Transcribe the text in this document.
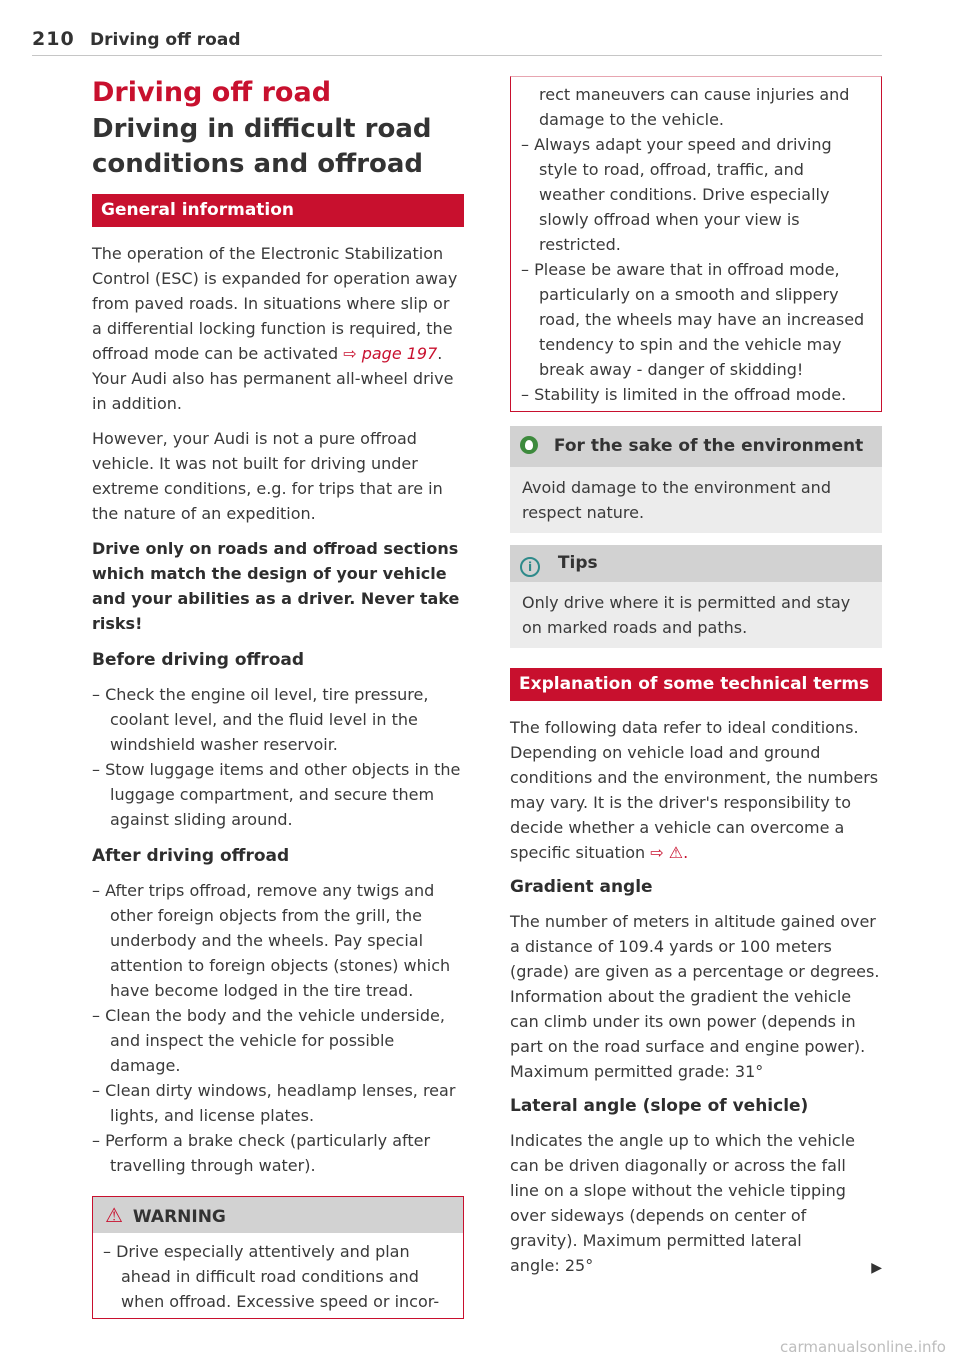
210 Driving off road
Driving off road
Driving in difficult road conditions and offroad
General information

The operation of the Electronic Stabilization Control (ESC) is expanded for operation away from paved roads. In situations where slip or a differential locking function is required, the offroad mode can be activated ⇨ page 197. Your Audi also has permanent all-wheel drive in addition.

However, your Audi is not a pure offroad vehicle. It was not built for driving under extreme conditions, e.g. for trips that are in the nature of an expedition.

Drive only on roads and offroad sections which match the design of your vehicle and your abilities as a driver. Never take risks!

Before driving offroad
– Check the engine oil level, tire pressure, coolant level, and the fluid level in the windshield washer reservoir.
– Stow luggage items and other objects in the luggage compartment, and secure them against sliding around.
After driving offroad
– After trips offroad, remove any twigs and other foreign objects from the grill, the underbody and the wheels. Pay special attention to foreign objects (stones) which have become lodged in the tire tread.
– Clean the body and the vehicle underside, and inspect the vehicle for possible damage.
– Clean dirty windows, headlamp lenses, rear lights, and license plates.
– Perform a brake check (particularly after travelling through water).
⚠ WARNING
– Drive especially attentively and plan ahead in difficult road conditions and when offroad. Excessive speed or incor-

rect maneuvers can cause injuries and damage to the vehicle.

– Always adapt your speed and driving style to road, offroad, traffic, and weather conditions. Drive especially slowly offroad when your view is restricted.
– Please be aware that in offroad mode, particularly on a smooth and slippery road, the wheels may have an increased tendency to spin and the vehicle may break away - danger of skidding!
– Stability is limited in the offroad mode.
For the sake of the environment
Avoid damage to the environment and respect nature.
i Tips
Only drive where it is permitted and stay on marked roads and paths.
Explanation of some technical terms

The following data refer to ideal conditions. Depending on vehicle load and ground conditions and the environment, the numbers may vary. It is the driver's responsibility to decide whether a vehicle can overcome a specific situation ⇨ ⚠.

Gradient angle

The number of meters in altitude gained over a distance of 109.4 yards or 100 meters (grade) are given as a percentage or degrees. Information about the gradient the vehicle can climb under its own power (depends in part on the road surface and engine power). Maximum permitted grade: 31°

Lateral angle (slope of vehicle)

Indicates the angle up to which the vehicle can be driven diagonally or across the fall line on a slope without the vehicle tipping over sideways (depends on center of gravity). Maximum permitted lateral angle: 25°	▶
carmanualsonline.info
